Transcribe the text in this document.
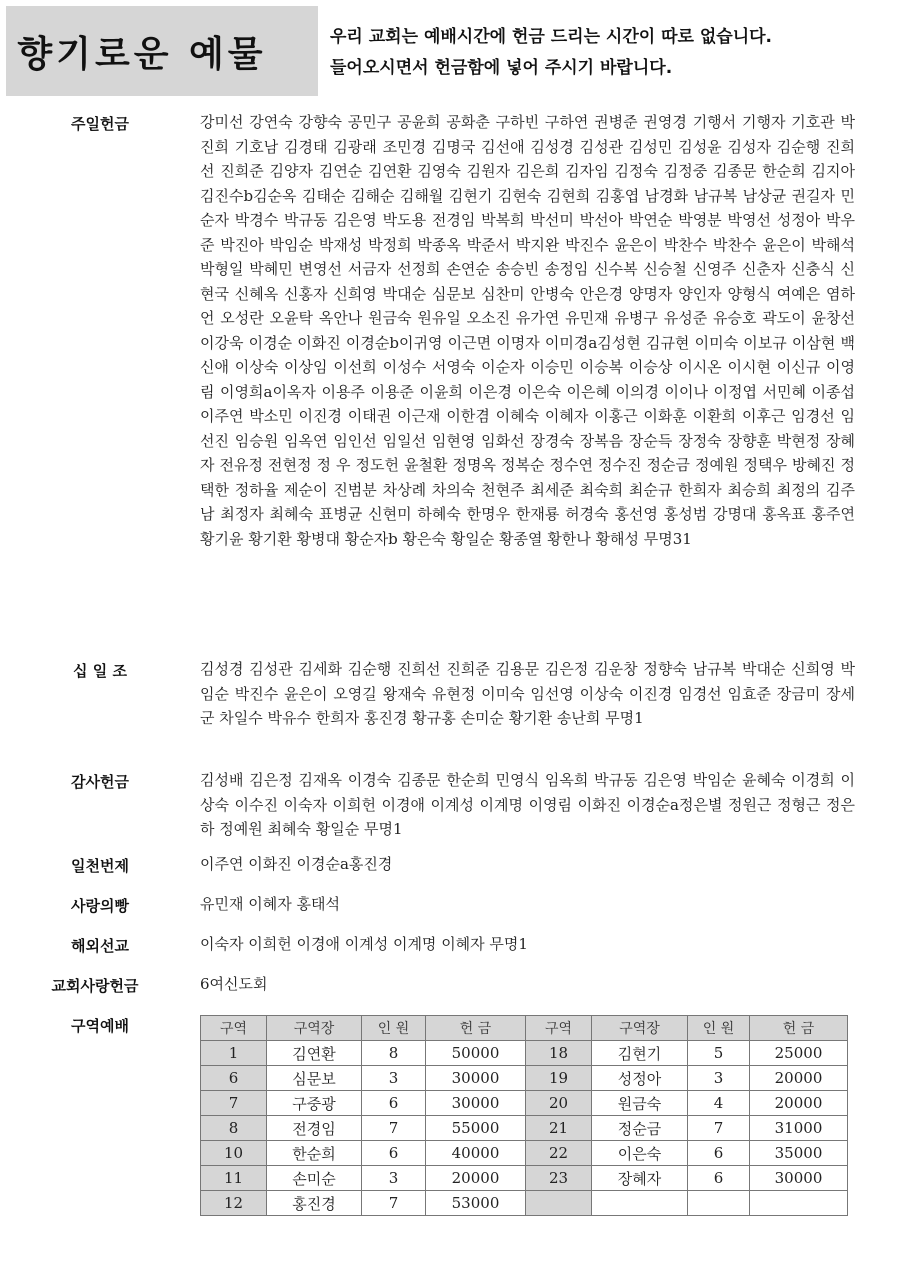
향기로운 예물	우리 교회는 예배시간에 헌금 드리는 시간이 따로 없습니다.
들어오시면서 헌금함에 넣어 주시기 바랍니다.
주일헌금	강미선 강연숙 강향숙 공민구 공윤희 공화춘 구하빈 구하연 권병준 권영경 기행서 기행자 기호관 박진희 기호남 김경태 김광래 조민경 김명국 김선애 김성경 김성관 김성민 김성윤 김성자 김순행 진희선 진희준 김양자 김연순 김연환 김영숙 김원자 김은희 김자임 김정숙 김정중 김종문 한순희 김지아 김진수b김순옥 김태순 김해순 김해월 김현기 김현숙 김현희 김홍엽 남경화 남규복 남상균 권길자 민순자 박경수 박규동 김은영 박도용 전경임 박복희 박선미 박선아 박연순 박영분 박영선 성정아 박우준 박진아 박임순 박재성 박정희 박종옥 박준서 박지완 박진수 윤은이 박찬수 박찬수 윤은이 박해석 박형일 박혜민 변영선 서금자 선정희 손연순 송승빈 송정임 신수복 신승철 신영주 신춘자 신충식 신현국 신혜옥 신홍자 신희영 박대순 심문보 심찬미 안병숙 안은경 양명자 양인자 양형식 여예은 염하언 오성란 오윤탁 옥안나 원금숙 원유일 오소진 유가연 유민재 유병구 유성준 유승호 곽도이 윤창선 이강욱 이경순 이화진 이경순b이귀영 이근면 이명자 이미경a김성현 김규현 이미숙 이보규 이삼현 백신애 이상숙 이상임 이선희 이성수 서영숙 이순자 이승민 이승복 이승상 이시온 이시현 이신규 이영림 이영희a이옥자 이용주 이용준 이윤희 이은경 이은숙 이은혜 이의경 이이나 이정엽 서민혜 이종섭 이주연 박소민 이진경 이태권 이근재 이한겸 이혜숙 이혜자 이홍근 이화훈 이환희 이후근 임경선 임선진 임승원 임옥연 임인선 임일선 임현영 임화선 장경숙 장복음 장순득 장정숙 장향훈 박현정 장혜자 전유정 전현정 정 우 정도헌 윤철환 정명옥 정복순 정수연 정수진 정순금 정예원 정택우 방혜진 정택한 정하율 제순이 진범분 차상례 차의숙 천현주 최세준 최숙희 최순규 한희자 최승희 최정의 김주남 최정자 최혜숙 표병균 신현미 하혜숙 한명우 한재룡 허경숙 홍선영 홍성범 강명대 홍옥표 홍주연 황기윤 황기환 황병대 황순자b 황은숙 황일순 황종열 황한나 황해성 무명31
십 일 조	김성경 김성관 김세화 김순행 진희선 진희준 김용문 김은정 김운창 정향숙 남규복 박대순 신희영 박임순 박진수 윤은이 오영길 왕재숙 유현정 이미숙 임선영 이상숙 이진경 임경선 임효준 장금미 장세군 차일수 박유수 한희자 홍진경 황규홍 손미순 황기환 송난희 무명1
감사헌금	김성배 김은정 김재옥 이경숙 김종문 한순희 민영식 임옥희 박규동 김은영 박임순 윤혜숙 이경희 이상숙 이수진 이숙자 이희헌 이경애 이계성 이계명 이영림 이화진 이경순a정은별 정원근 정형근 정은하 정예원 최혜숙 황일순 무명1
일천번제	이주연 이화진 이경순a홍진경
사랑의빵	유민재 이혜자 홍태석
해외선교	이숙자 이희헌 이경애 이계성 이계명 이혜자 무명1
교회사랑헌금	6여신도회
구역예배	구역	구역장	인 원	헌 금	구역	구역장	인 원	헌 금
1	김연환	8	50000	18	김현기	5	25000
6	심문보	3	30000	19	성정아	3	20000
7	구중광	6	30000	20	원금숙	4	20000
8	전경임	7	55000	21	정순금	7	31000
10	한순희	6	40000	22	이은숙	6	35000
11	손미순	3	20000	23	장혜자	6	30000
12	홍진경	7	53000				
